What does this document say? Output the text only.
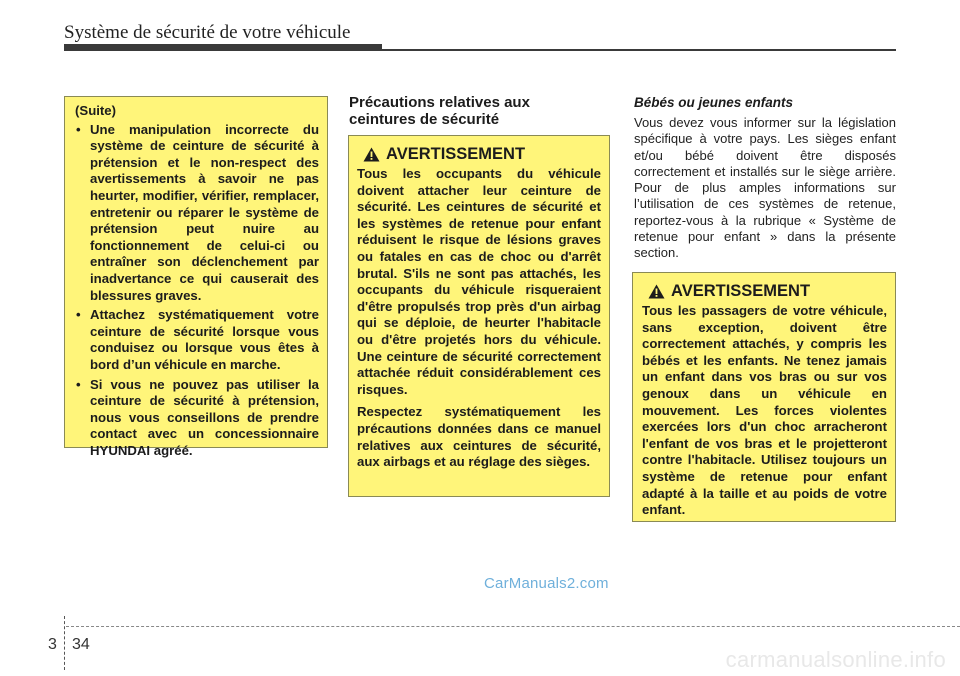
Système de sécurité de votre véhicule
(Suite)
• Une manipulation incorrecte du système de ceinture de sécurité à prétension et le non-respect des avertissements à savoir ne pas heurter, modifier, vérifier, remplacer, entretenir ou réparer le système de prétension peut nuire au fonctionnement de celui-ci ou entraîner son déclenchement par inadvertance ce qui causerait des blessures graves.
• Attachez systématiquement votre ceinture de sécurité lorsque vous conduisez ou lorsque vous êtes à bord d’un véhicule en marche.
• Si vous ne pouvez pas utiliser la ceinture de sécurité à prétension, nous vous conseillons de prendre contact avec un concessionnaire HYUNDAI agréé.
Précautions relatives aux ceintures de sécurité
AVERTISSEMENT

Tous les occupants du véhicule doivent attacher leur ceinture de sécurité. Les ceintures de sécurité et les systèmes de retenue pour enfant réduisent le risque de lésions graves ou fatales en cas de choc ou d'arrêt brutal. S'ils ne sont pas attachés, les occupants du véhicule risqueraient d'être propulsés trop près d'un airbag qui se déploie, de heurter l'habitacle ou d'être projetés hors du véhicule. Une ceinture de sécurité correctement attachée réduit considérablement ces risques.

Respectez systématiquement les précautions données dans ce manuel relatives aux ceintures de sécurité, aux airbags et au réglage des sièges.

Bébés ou jeunes enfants

Vous devez vous informer sur la législation spécifique à votre pays. Les sièges enfant et/ou bébé doivent être disposés correctement et installés sur le siège arrière. Pour de plus amples informations sur l’utilisation de ces systèmes de retenue, reportez-vous à la rubrique « Système de retenue pour enfant » dans la présente section.

AVERTISSEMENT

Tous les passagers de votre véhicule, sans exception, doivent être correctement attachés, y compris les bébés et les enfants. Ne tenez jamais un enfant dans vos bras ou sur vos genoux dans un véhicule en mouvement. Les forces violentes exercées lors d'un choc arracheront l'enfant de vos bras et le projetteront contre l'habitacle. Utilisez toujours un système de retenue pour enfant adapté à la taille et au poids de votre enfant.

CarManuals2.com
3 34
carmanualsonline.info
